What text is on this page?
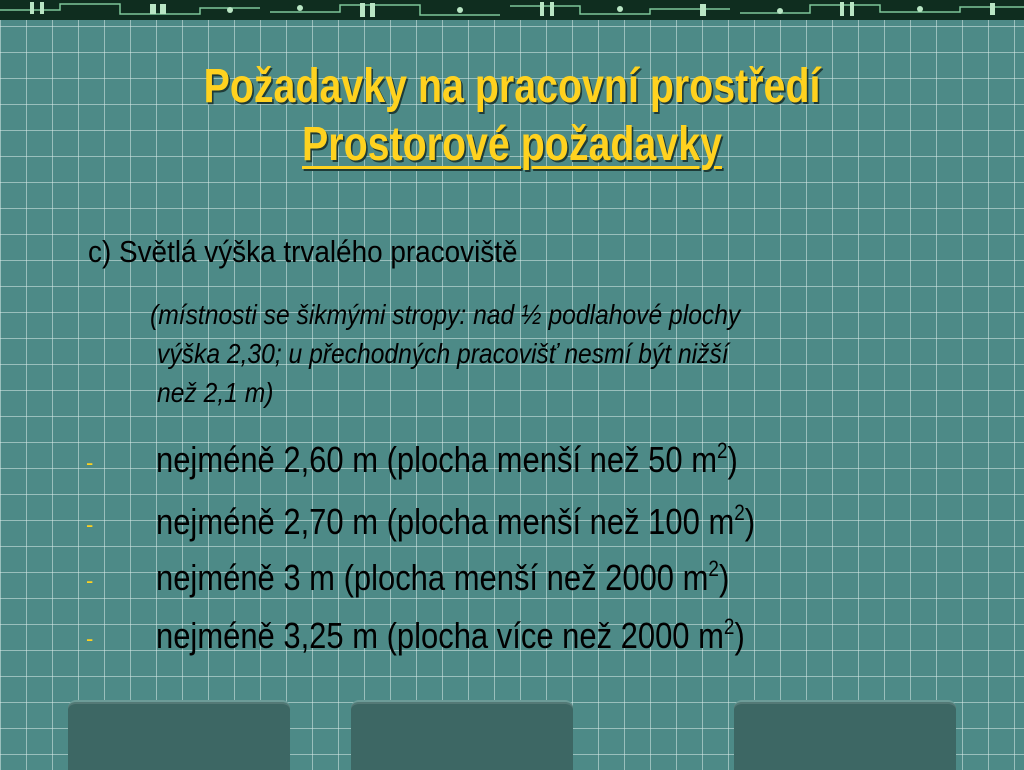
Požadavky na pracovní prostředí
Prostorové požadavky
c) Světlá výška trvalého pracoviště
(místnosti se šikmými stropy: nad ½ podlahové plochy
výška 2,30; u přechodných pracovišť nesmí být nižší
než 2,1 m)
- nejméně 2,60 m (plocha menší než 50 $m^2$)
- nejméně 2,70 m (plocha menší než 100 $m^2$)
- nejméně 3 m (plocha menší než 2000 $m^2$)
- nejméně 3,25 m (plocha více než 2000 $m^2$)
